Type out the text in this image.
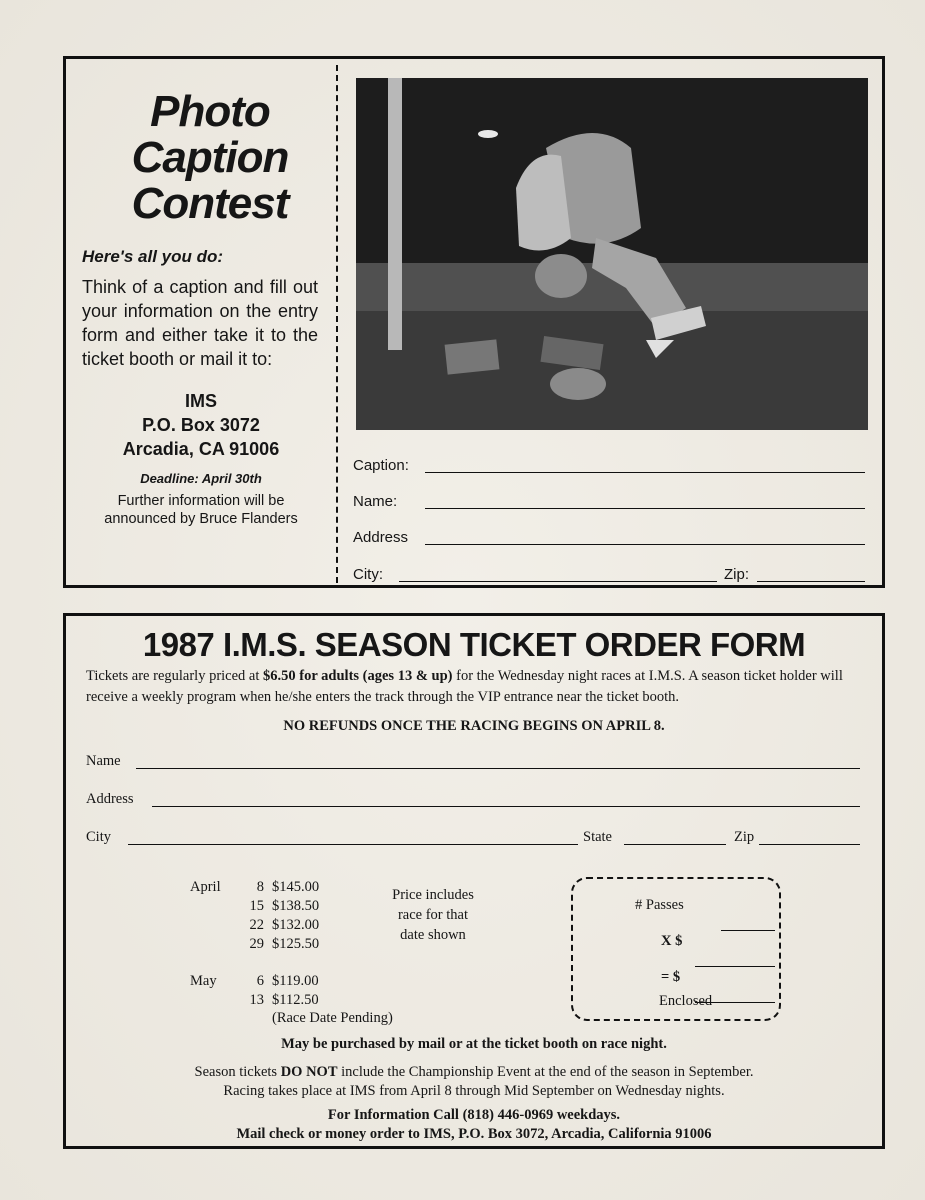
Photo
Caption
Contest
Here's all you do:
Think of a caption and fill out your information on the entry form and either take it to the ticket booth or mail it to:
IMS
P.O. Box 3072
Arcadia, CA 91006
Deadline: April 30th
Further information will be
announced by Bruce Flanders
Caption:
Name:
Address
City:	Zip:
1987 I.M.S. SEASON TICKET ORDER FORM
Tickets are regularly priced at $6.50 for adults (ages 13 & up) for the Wednesday night races at I.M.S. A season ticket holder will receive a weekly program when he/she enters the track through the VIP entrance near the ticket booth.
NO REFUNDS ONCE THE RACING BEGINS ON APRIL 8.
Name
Address
City	State	Zip
April	8 $145.00
15 $138.50
22 $132.00
29 $125.50
May	6 $119.00
13 $112.50
(Race Date Pending)
Price includes
race for that
date shown
# Passes

X $

= $

Enclosed
May be purchased by mail or at the ticket booth on race night.
Season tickets DO NOT include the Championship Event at the end of the season in September.
Racing takes place at IMS from April 8 through Mid September on Wednesday nights.
For Information Call (818) 446-0969 weekdays.
Mail check or money order to IMS, P.O. Box 3072, Arcadia, California 91006
